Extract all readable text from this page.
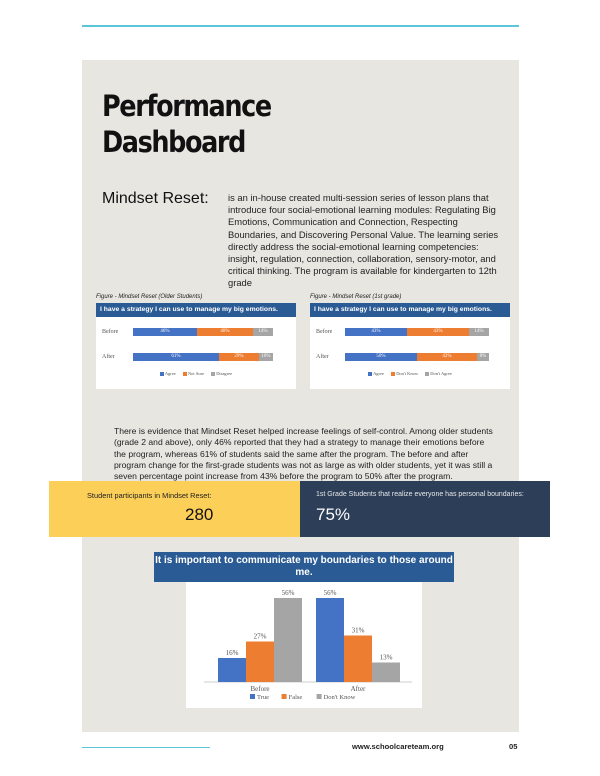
Performance Dashboard
Mindset Reset: is an in-house created multi-session series of lesson plans that introduce four social-emotional learning modules: Regulating Big Emotions, Communication and Connection, Respecting Boundaries, and Discovering Personal Value. The learning series directly address the social-emotional learning competencies: insight, regulation, connection, collaboration, sensory-motor, and critical thinking. The program is available for kindergarten to 12th grade
Figure - Mindset Reset (Older Students)
I have a strategy I can use to manage my big emotions.
Before
After
46%	40%	14%
61%	29%	10%
Agree	Not Sure	Disagree
Figure - Mindset Reset (1st grade)
I have a strategy I can use to manage my big emotions.
Before
After
43%	43%	14%
50%	42%	8%
Agree	Don't Know	Don't Agree
There is evidence that Mindset Reset helped increase feelings of self-control. Among older students (grade 2 and above), only 46% reported that they had a strategy to manage their emotions before the program, whereas 61% of students said the same after the program. The before and after program change for the first-grade students was not as large as with older students, yet it was still a seven percentage point increase from 43% before the program to 50% after the program.
Student participants in Mindset Reset:
280
1st Grade Students that realize everyone has personal boundaries:
75%
It is important to communicate my boundaries to those around me.
16%
27%
56%
Before
56%
31%
13%
After
True	False	Don't Know
www.schoolcareteam.org	05
